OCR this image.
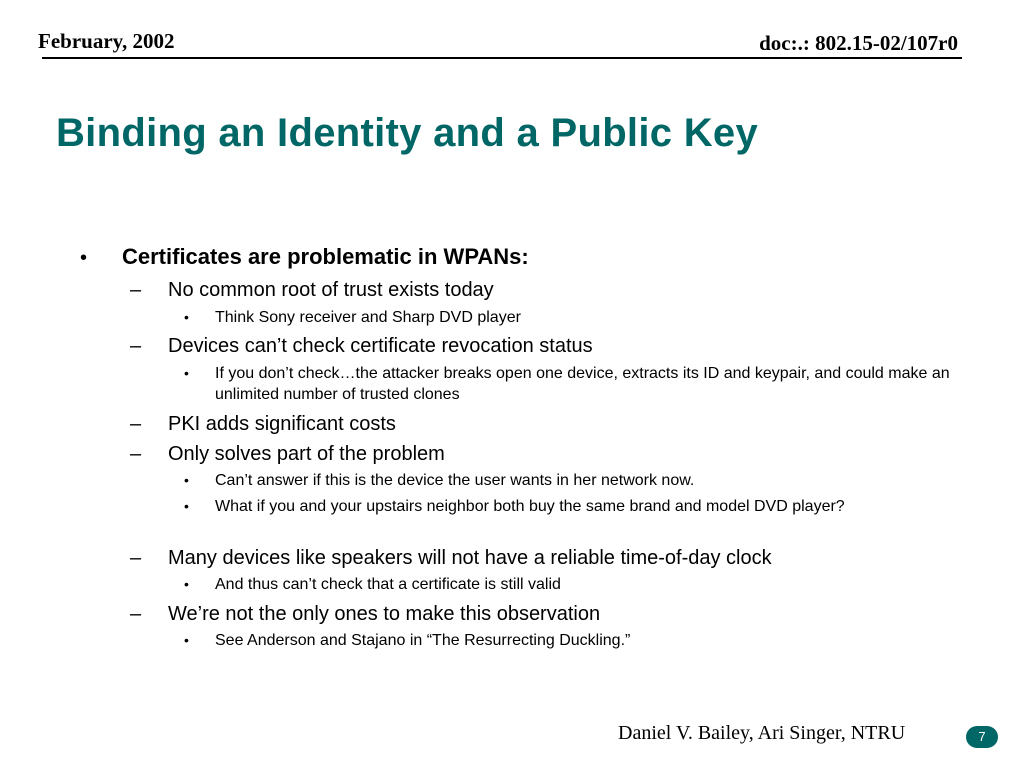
February, 2002	doc:.: 802.15-02/107r0
Binding an Identity and a Public Key
• Certificates are problematic in WPANs:
– No common root of trust exists today
• Think Sony receiver and Sharp DVD player
– Devices can’t check certificate revocation status
• If you don’t check…the attacker breaks open one device, extracts its ID and keypair, and could make an unlimited number of trusted clones
– PKI adds significant costs
– Only solves part of the problem
• Can’t answer if this is the device the user wants in her network now.
• What if you and your upstairs neighbor both buy the same brand and model DVD player?
– Many devices like speakers will not have a reliable time-of-day clock
• And thus can’t check that a certificate is still valid
– We’re not the only ones to make this observation
• See Anderson and Stajano in “The Resurrecting Duckling.”
Daniel V. Bailey, Ari Singer, NTRU	7
